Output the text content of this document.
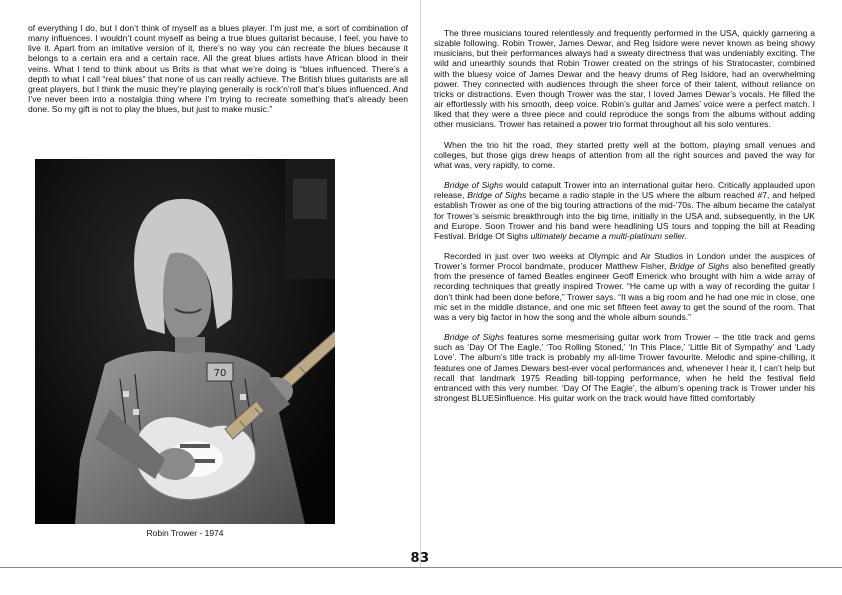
of everything I do, but I don’t think of myself as a blues player. I’m just me, a sort of combination of many influences. I wouldn’t count myself as being a true blues guitarist because, I feel, you have to live it. Apart from an imitative version of it, there’s no way you can recreate the blues because it belongs to a certain era and a certain race. All the great blues artists have African blood in their veins. What I tend to think about us Brits is that what we’re doing is “blues influenced. There’s a depth to what I call “real blues” that none of us can really achieve. The British blues guitarists are all great players, but I think the music they’re playing generally is rock’n’roll that’s blues influenced. And I’ve never been into a nostalgia thing where I’m trying to recreate something that’s already been done. So my gift is not to play the blues, but just to make music.”

70
Robin Trower - 1974

The three musicians toured relentlessly and frequently performed in the USA, quickly garnering a sizable following. Robin Trower, James Dewar, and Reg Isidore were never known as being showy musicians, but their performances always had a sweaty directness that was undeniably exciting. The wild and unearthly sounds that Robin Trower created on the strings of his Stratocaster, combined with the bluesy voice of James Dewar and the heavy drums of Reg Isidore, had an overwhelming power. They connected with audiences through the sheer force of their talent, without reliance on tricks or distractions. Even though Trower was the star, I loved James Dewar’s vocals. He filled the air effortlessly with his smooth, deep voice. Robin’s guitar and James’ voice were a perfect match. I liked that they were a three piece and could reproduce the songs from the albums without adding other musicians. Trower has retained a power trio format throughout all his solo ventures.

When the trio hit the road, they started pretty well at the bottom, playing small venues and colleges, but those gigs drew heaps of attention from all the right sources and paved the way for what was, very rapidly, to come.

Bridge of Sighs would catapult Trower into an international guitar hero. Critically applauded upon release, Bridge of Sighs became a radio staple in the US where the album reached #7, and helped establish Trower as one of the big touring attractions of the mid-’70s. The album became the catalyst for Trower’s seismic breakthrough into the big time, initially in the USA and, subsequently, in the UK and Europe. Soon Trower and his band were headlining US tours and topping the bill at Reading Festival. Bridge Of Sighs ultimately became a multi-platinum seller.

Recorded in just over two weeks at Olympic and Air Studios in London under the auspices of Trower’s former Procol bandmate, producer Matthew Fisher, Bridge of Sighs also benefited greatly from the presence of famed Beatles engineer Geoff Emerick who brought with him a wide array of recording techniques that greatly inspired Trower. “He came up with a way of recording the guitar I don’t think had been done before,” Trower says. “It was a big room and he had one mic in close, one mic set in the middle distance, and one mic set fifteen feet away to get the sound of the room. That was a very big factor in how the song and the whole album sounds.”

Bridge of Sighs features some mesmerising guitar work from Trower – the title track and gems such as ‘Day Of The Eagle,’ ‘Too Rolling Stoned,’ ‘In This Place,’ ‘Little Bit of Sympathy’ and ‘Lady Love’. The album’s title track is probably my all-time Trower favourite. Melodic and spine-chilling, it features one of James Dewars best-ever vocal performances and, whenever I hear it, I can’t help but recall that landmark 1975 Reading bill-topping performance, when he held the festival field entranced with this very number. ‘Day Of The Eagle’, the album’s opening track is Trower under his strongest BLUESinfluence. His guitar work on the track would have fitted comfortably

83
